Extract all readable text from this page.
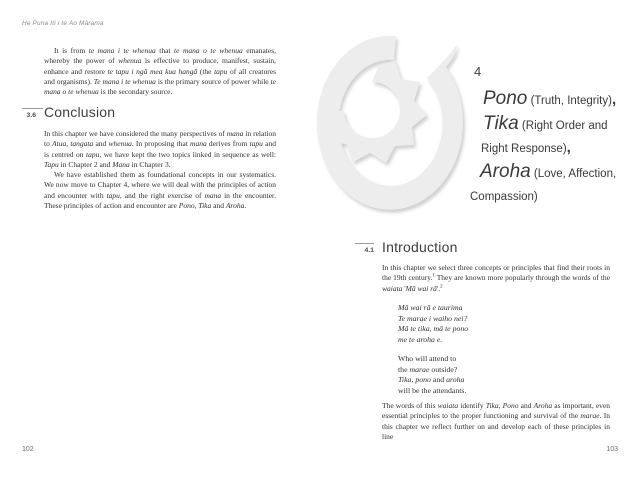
He Puna Iti i te Ao Mārama

It is from te mana i te whenua that te mana o te whenua emanates, whereby the power of whenua is effective to produce, manifest, sustain, enhance and restore te tapu i ngā mea kua hangā (the tapu of all creatures and organisms). Te mana i te whenua is the primary source of power while te mana o te whenua is the secondary source.

3.6 Conclusion

In this chapter we have considered the many perspectives of mana in relation to Atua, tangata and whenua. In proposing that mana derives from tapu and is centred on tapu, we have kept the two topics linked in sequence as well: Tapu in Chapter 2 and Mana in Chapter 3.

We have established them as foundational concepts in our systematics. We now move to Chapter 4, where we will deal with the principles of action and encounter with tapu, and the right exercise of mana in the encounter. These principles of action and encounter are Pono, Tika and Aroha.

102
4
Pono (Truth, Integrity),
Tika (Right Order and
Right Response),
Aroha (Love, Affection,
Compassion)
4.1 Introduction

In this chapter we select three concepts or principles that find their roots in the 19th century.$^1$ They are known more popularly through the words of the waiata 'Mā wai rā'.$^2$

Mā wai rā e taurima
Te marae i waiho nei?
Mā te tika, mā te pono
me te aroha e.
Who will attend to
the marae outside?
Tika, pono and aroha
will be the attendants.

The words of this waiata identify Tika, Pono and Aroha as important, even essential principles to the proper functioning and survival of the marae. In this chapter we reflect further on and develop each of these principles in line

103
